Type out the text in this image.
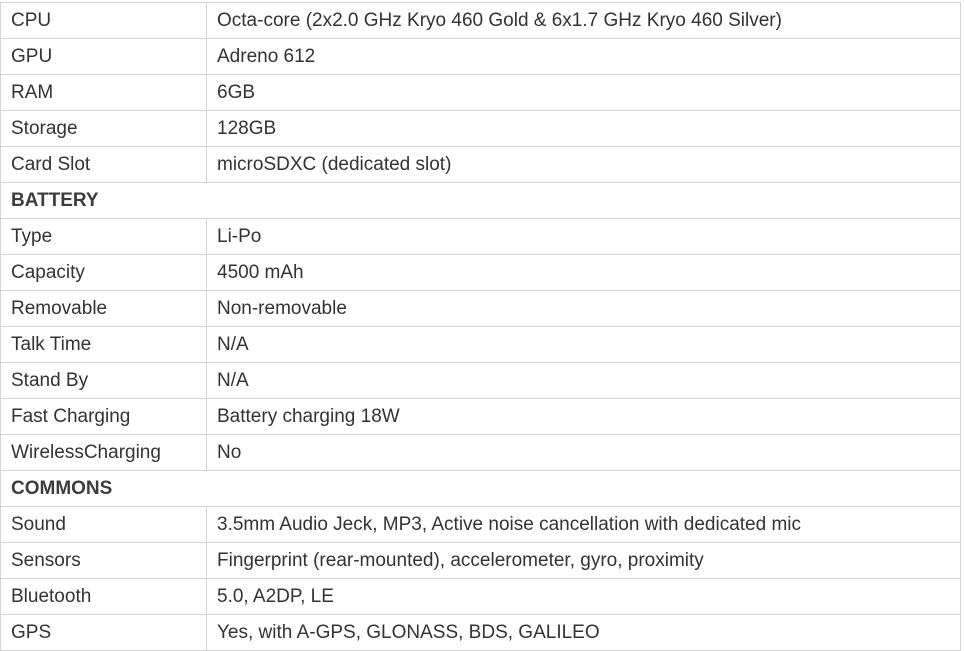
CPU	Octa-core (2x2.0 GHz Kryo 460 Gold & 6x1.7 GHz Kryo 460 Silver)
GPU	Adreno 612
RAM	6GB
Storage	128GB
Card Slot	microSDXC (dedicated slot)
BATTERY	
Type	Li-Po
Capacity	4500 mAh
Removable	Non-removable
Talk Time	N/A
Stand By	N/A
Fast Charging	Battery charging 18W
WirelessCharging	No
COMMONS	
Sound	3.5mm Audio Jeck, MP3, Active noise cancellation with dedicated mic
Sensors	Fingerprint (rear-mounted), accelerometer, gyro, proximity
Bluetooth	5.0, A2DP, LE
GPS	Yes, with A-GPS, GLONASS, BDS, GALILEO
